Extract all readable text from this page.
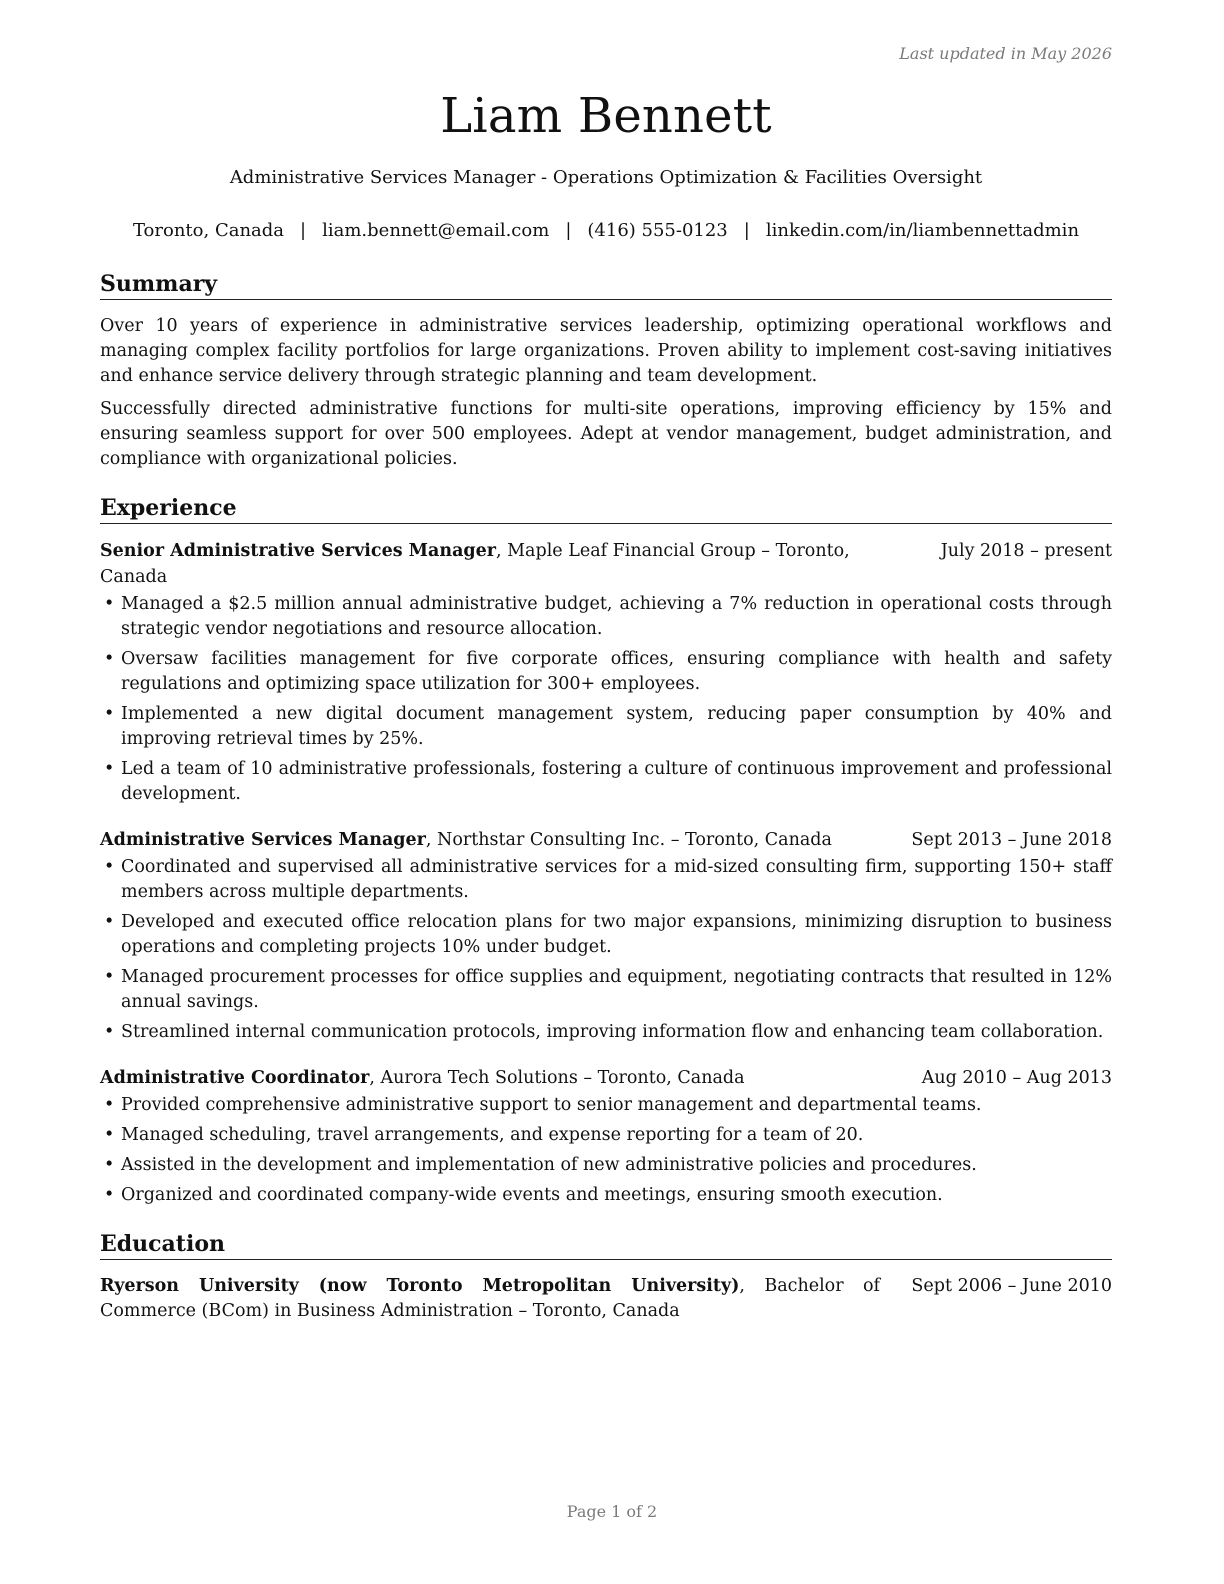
Last updated in May 2026
Liam Bennett
Administrative Services Manager - Operations Optimization & Facilities Oversight
Toronto, Canada | liam.bennett@email.com | (416) 555-0123 | linkedin.com/in/liambennettadmin
Summary

Over 10 years of experience in administrative services leadership, optimizing operational workflows and managing complex facility portfolios for large organizations. Proven ability to implement cost-saving initiatives and enhance service delivery through strategic planning and team development.

Successfully directed administrative functions for multi-site operations, improving efficiency by 15% and ensuring seamless support for over 500 employees. Adept at vendor management, budget administration, and compliance with organizational policies.

Experience
Senior Administrative Services Manager, Maple Leaf Financial Group – Toronto, Canada
July 2018 – present
• Managed a $2.5 million annual administrative budget, achieving a 7% reduction in operational costs through strategic vendor negotiations and resource allocation.
• Oversaw facilities management for five corporate offices, ensuring compliance with health and safety regulations and optimizing space utilization for 300+ employees.
• Implemented a new digital document management system, reducing paper consumption by 40% and improving retrieval times by 25%.
• Led a team of 10 administrative professionals, fostering a culture of continuous improvement and professional development.
Administrative Services Manager, Northstar Consulting Inc. – Toronto, Canada	Sept 2013 – June 2018
• Coordinated and supervised all administrative services for a mid-sized consulting firm, supporting 150+ staff members across multiple departments.
• Developed and executed office relocation plans for two major expansions, minimizing disruption to business operations and completing projects 10% under budget.
• Managed procurement processes for office supplies and equipment, negotiating contracts that resulted in 12% annual savings.
• Streamlined internal communication protocols, improving information flow and enhancing team collaboration.
Administrative Coordinator, Aurora Tech Solutions – Toronto, Canada	Aug 2010 – Aug 2013
• Provided comprehensive administrative support to senior management and departmental teams.
• Managed scheduling, travel arrangements, and expense reporting for a team of 20.
• Assisted in the development and implementation of new administrative policies and procedures.
• Organized and coordinated company-wide events and meetings, ensuring smooth execution.
Education
Ryerson University (now Toronto Metropolitan University), Bachelor of Commerce (BCom) in Business Administration – Toronto, Canada
Sept 2006 – June 2010
Page 1 of 2
